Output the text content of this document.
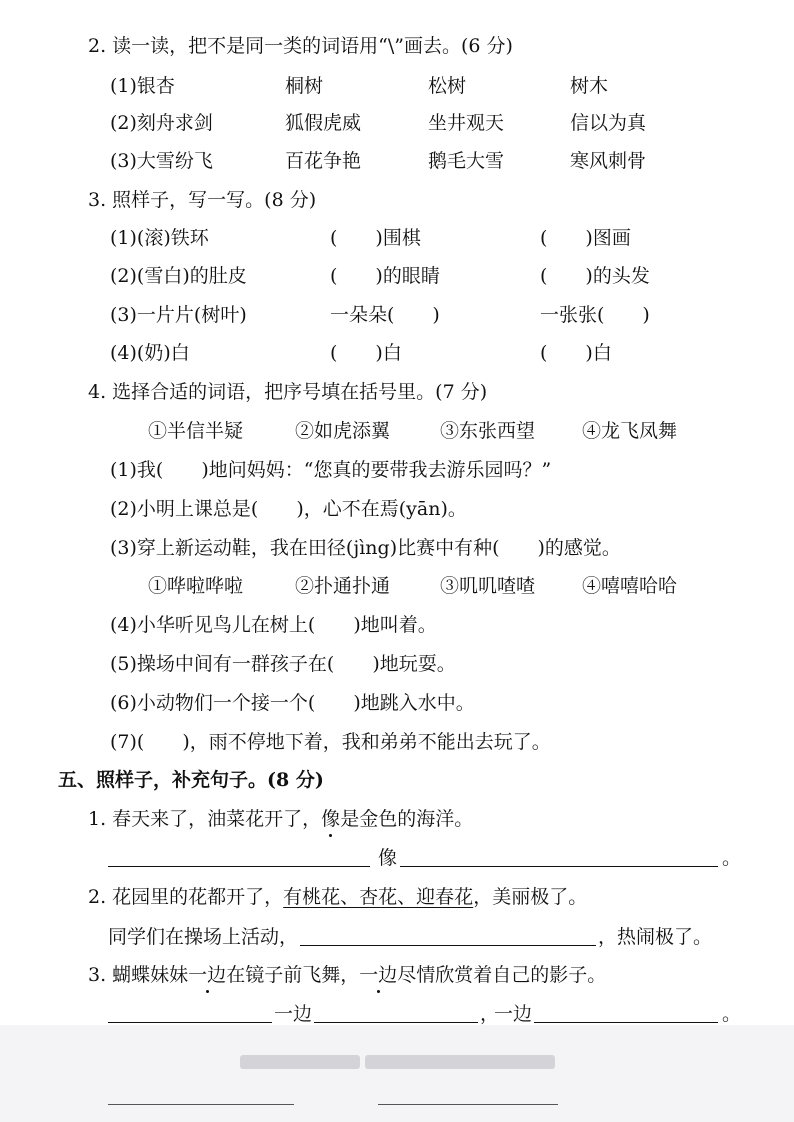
2. 读一读，把不是同一类的词语用“\”画去。(6 分)
(1)银杏	桐树	松树	树木
(2)刻舟求剑	狐假虎威	坐井观天	信以为真
(3)大雪纷飞	百花争艳	鹅毛大雪	寒风刺骨
3. 照样子，写一写。(8 分)
(1)(滚)铁环	(　　)围棋	(　　)图画
(2)(雪白)的肚皮	(　　)的眼睛	(　　)的头发
(3)一片片(树叶)	一朵朵(　　)	一张张(　　)
(4)(奶)白	(　　)白	(　　)白
4. 选择合适的词语，把序号填在括号里。(7 分)
①半信半疑	②如虎添翼	③东张西望 ④龙飞凤舞
(1)我(　　)地问妈妈：“您真的要带我去游乐园吗？”
(2)小明上课总是(　　)，心不在焉(yān)。
(3)穿上新运动鞋，我在田径(jìng)比赛中有种(　　)的感觉。
①哗啦哗啦	②扑通扑通	③叽叽喳喳 ④嘻嘻哈哈
(4)小华听见鸟儿在树上(　　)地叫着。
(5)操场中间有一群孩子在(　　)地玩耍。
(6)小动物们一个接一个(　　)地跳入水中。
(7)(　　)，雨不停地下着，我和弟弟不能出去玩了。
五、照样子，补充句子。(8 分)
1. 春天来了，油菜花开了，像是金色的海洋。
像	。
2. 花园里的花都开了，有桃花、杏花、迎春花，美丽极了。
同学们在操场上活动，	，热闹极了。
3. 蝴蝶妹妹一边在镜子前飞舞，一边尽情欣赏着自己的影子。
一边	，
一边	。
